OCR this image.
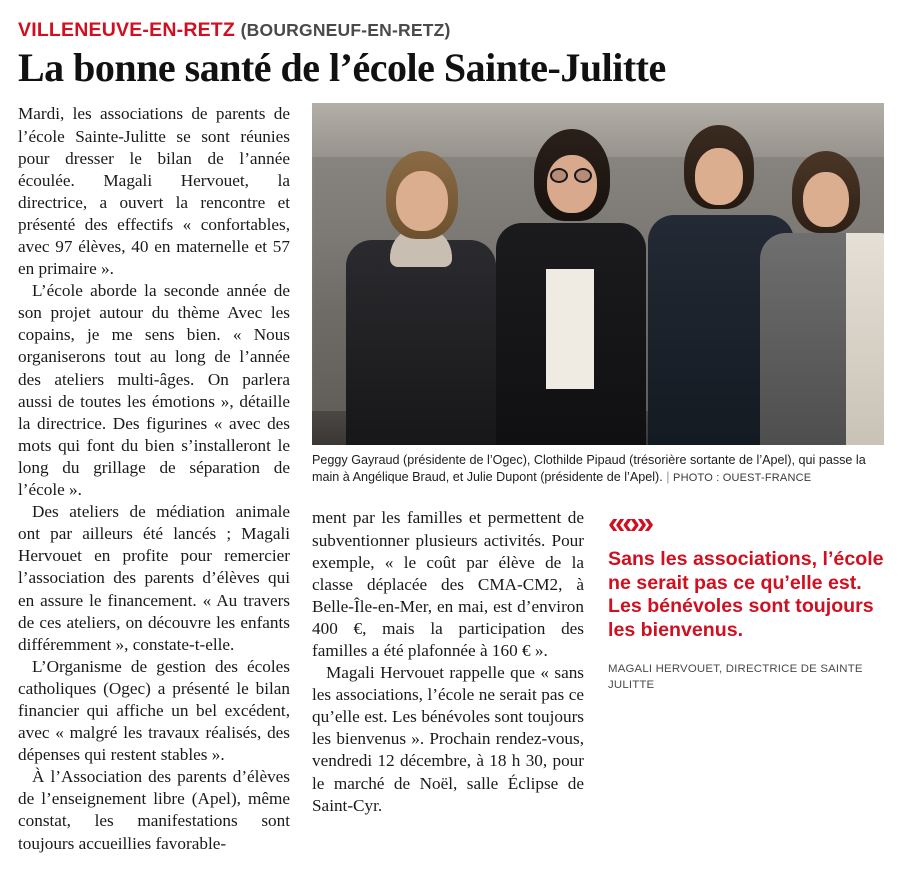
VILLENEUVE-EN-RETZ (BOURGNEUF-EN-RETZ)
La bonne santé de l’école Sainte-Julitte

Mardi, les associations de parents de l’école Sainte-Julitte se sont réunies pour dresser le bilan de l’année écoulée. Magali Hervouet, la directrice, a ouvert la rencontre et présenté des effectifs « confortables, avec 97 élèves, 40 en maternelle et 57 en primaire ».

L’école aborde la seconde année de son projet autour du thème Avec les copains, je me sens bien. « Nous organiserons tout au long de l’année des ateliers multi-âges. On parlera aussi de toutes les émotions », détaille la directrice. Des figurines « avec des mots qui font du bien s’installeront le long du grillage de séparation de l’école ».

Des ateliers de médiation animale ont par ailleurs été lancés ; Magali Hervouet en profite pour remercier l’association des parents d’élèves qui en assure le financement. « Au travers de ces ateliers, on découvre les enfants différemment », constate-t-elle.

L’Organisme de gestion des écoles catholiques (Ogec) a présenté le bilan financier qui affiche un bel excédent, avec « malgré les travaux réalisés, des dépenses qui restent stables ».

À l’Association des parents d’élèves de l’enseignement libre (Apel), même constat, les manifestations sont toujours accueillies favorable-

Peggy Gayraud (présidente de l’Ogec), Clothilde Pipaud (trésorière sortante de l’Apel), qui passe la main à Angélique Braud, et Julie Dupont (présidente de l’Apel). | PHOTO : OUEST-FRANCE

ment par les familles et permettent de subventionner plusieurs activités. Pour exemple, « le coût par élève de la classe déplacée des CMA-CM2, à Belle-Île-en-Mer, en mai, est d’environ 400 €, mais la participation des familles a été plafonnée à 160 € ».

Magali Hervouet rappelle que « sans les associations, l’école ne serait pas ce qu’elle est. Les bénévoles sont toujours les bienvenus ». Prochain rendez-vous, vendredi 12 décembre, à 18 h 30, pour le marché de Noël, salle Éclipse de Saint-Cyr.

«‹›»

Sans les associations, l’école ne serait pas ce qu’elle est. Les bénévoles sont toujours les bienvenus.

MAGALI HERVOUET, DIRECTRICE DE SAINTE JULITTE
